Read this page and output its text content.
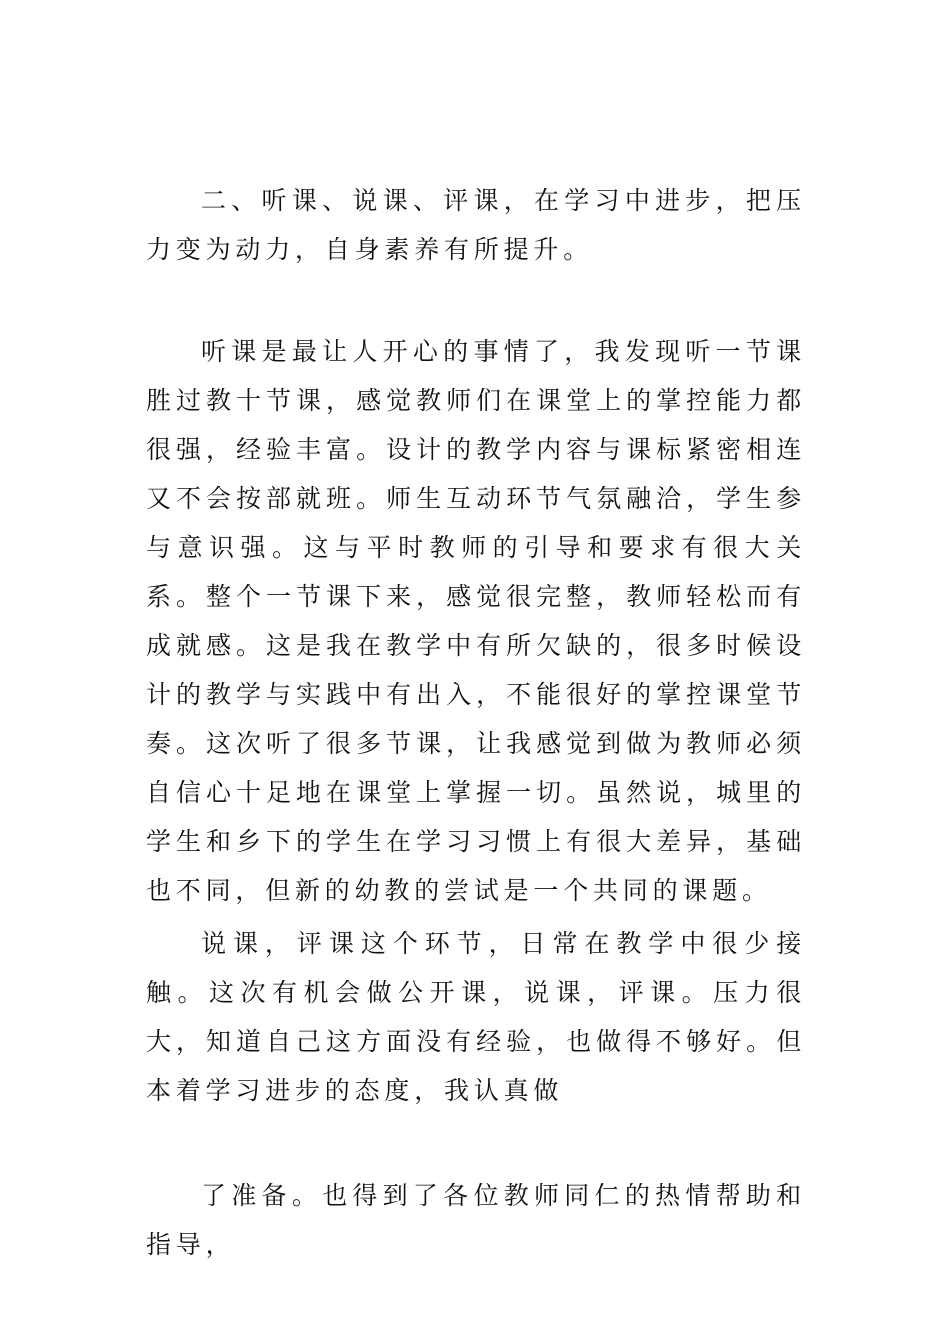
二、听课、说课、评课，在学习中进步，把压力变为动力，自身素养有所提升。

听课是最让人开心的事情了，我发现听一节课胜过教十节课，感觉教师们在课堂上的掌控能力都很强，经验丰富。设计的教学内容与课标紧密相连又不会按部就班。师生互动环节气氛融洽，学生参与意识强。这与平时教师的引导和要求有很大关系。整个一节课下来，感觉很完整，教师轻松而有成就感。这是我在教学中有所欠缺的，很多时候设计的教学与实践中有出入，不能很好的掌控课堂节奏。这次听了很多节课，让我感觉到做为教师必须自信心十足地在课堂上掌握一切。虽然说，城里的学生和乡下的学生在学习习惯上有很大差异，基础也不同，但新的幼教的尝试是一个共同的课题。

说课，评课这个环节，日常在教学中很少接触。这次有机会做公开课，说课，评课。压力很大，知道自己这方面没有经验，也做得不够好。但本着学习进步的态度，我认真做

了准备。也得到了各位教师同仁的热情帮助和指导，
